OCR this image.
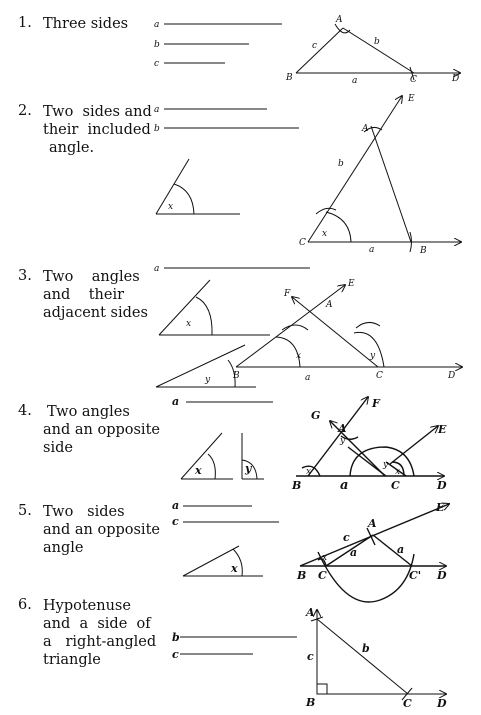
1. Three sides
2. Two  sides and
their  included
angle.
3. Two    angles
and    their
adjacent sides
4. Two angles
and an opposite
side
5. Two   sides
and an opposite
angle
6. Hypotenuse
and  a  side  of
a   right-angled
triangle
a
b
c
A
B	C	D
c	b
a
a
b
x
E
A
C
B
b
a
x
a
x
y
E
F
A
B	C	D
a
x	y
a
x	y
G
F
E
A
B	C	D
a
y
x
y
x
a
c
x
E
A
B C	C' D
c
a	a
x
b
c
A
B	C D
c
b
